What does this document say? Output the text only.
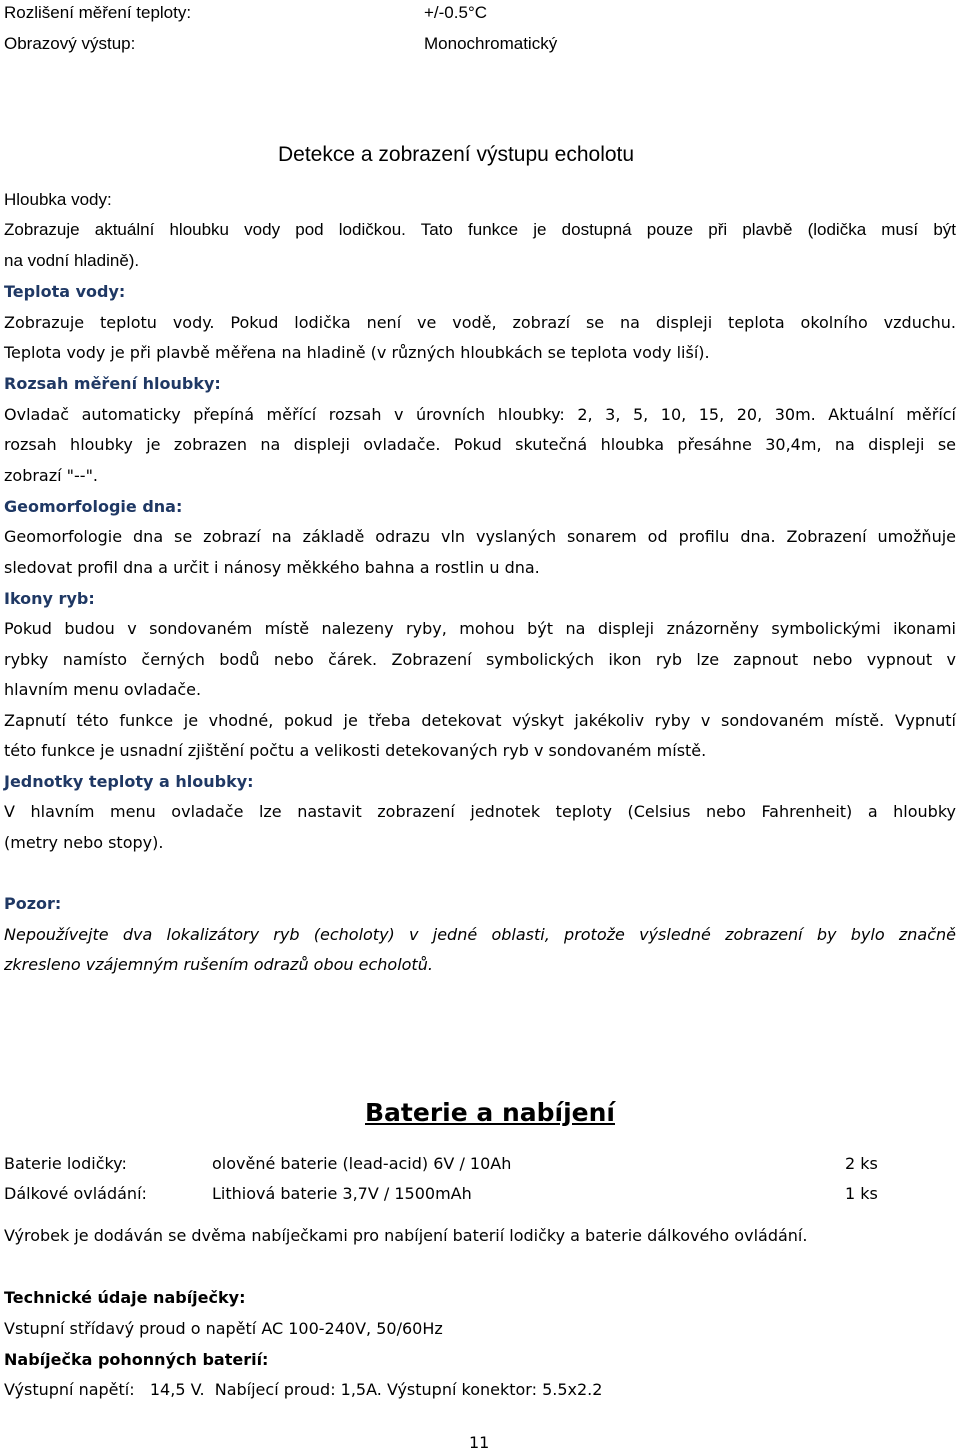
Rozlišení měření teploty:	+/-0.5°C
Obrazový výstup:	Monochromatický
Detekce a zobrazení výstupu echolotu
Hloubka vody:
Zobrazuje aktuální hloubku vody pod lodičkou. Tato funkce je dostupná pouze při plavbě (lodička musí být
na vodní hladině).
Teplota vody:
Zobrazuje teplotu vody. Pokud lodička není ve vodě, zobrazí se na displeji teplota okolního vzduchu.
Teplota vody je při plavbě měřena na hladině (v různých hloubkách se teplota vody liší).
Rozsah měření hloubky:
Ovladač automaticky přepíná měřící rozsah v úrovních hloubky: 2, 3, 5, 10, 15, 20, 30m. Aktuální měřící
rozsah hloubky je zobrazen na displeji ovladače. Pokud skutečná hloubka přesáhne 30,4m, na displeji se
zobrazí "--".
Geomorfologie dna:
Geomorfologie dna se zobrazí na základě odrazu vln vyslaných sonarem od profilu dna. Zobrazení umožňuje
sledovat profil dna a určit i nánosy měkkého bahna a rostlin u dna.
Ikony ryb:
Pokud budou v sondovaném místě nalezeny ryby, mohou být na displeji znázorněny symbolickými ikonami
rybky namísto černých bodů nebo čárek. Zobrazení symbolických ikon ryb lze zapnout nebo vypnout v
hlavním menu ovladače.
Zapnutí této funkce je vhodné, pokud je třeba detekovat výskyt jakékoliv ryby v sondovaném místě. Vypnutí
této funkce je usnadní zjištění počtu a velikosti detekovaných ryb v sondovaném místě.
Jednotky teploty a hloubky:
V hlavním menu ovladače lze nastavit zobrazení jednotek teploty (Celsius nebo Fahrenheit) a hloubky
(metry nebo stopy).
Pozor:
Nepoužívejte dva lokalizátory ryb (echoloty) v jedné oblasti, protože výsledné zobrazení by bylo značně
zkresleno vzájemným rušením odrazů obou echolotů.
Baterie a nabíjení
Baterie lodičky:	olověné baterie (lead-acid) 6V / 10Ah	2 ks
Dálkové ovládání:	Lithiová baterie 3,7V / 1500mAh	1 ks
Výrobek je dodáván se dvěma nabíječkami pro nabíjení baterií lodičky a baterie dálkového ovládání.
Technické údaje nabíječky:
Vstupní střídavý proud o napětí AC 100-240V, 50/60Hz
Nabíječka pohonných baterií:
Výstupní napětí:   14,5 V.  Nabíjecí proud: 1,5A. Výstupní konektor: 5.5x2.2
11
